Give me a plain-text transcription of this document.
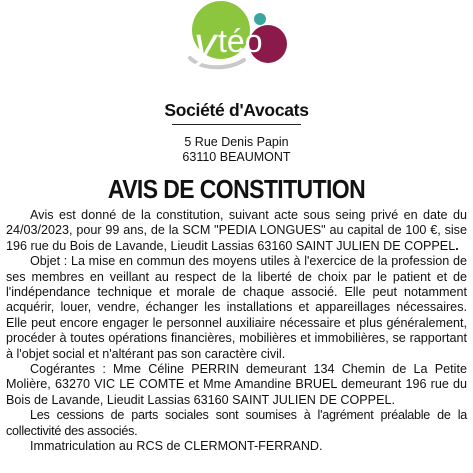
y téo
Société d'Avocats
5 Rue Denis Papin
63110 BEAUMONT
AVIS DE CONSTITUTION

Avis est donné de la constitution, suivant acte sous seing privé en date du 24/03/2023, pour 99 ans, de la SCM "PEDIA LONGUES" au capital de 100 €, sise 196 rue du Bois de Lavande, Lieudit Lassias 63160 SAINT JULIEN DE COPPEL.

Objet : La mise en commun des moyens utiles à l'exercice de la profession de ses membres en veillant au respect de la liberté de choix par le patient et de l'indépendance technique et morale de chaque associé. Elle peut notamment acquérir, louer, vendre, échanger les installations et appareillages nécessaires. Elle peut encore engager le personnel auxiliaire nécessaire et plus généralement, procéder à toutes opérations financières, mobilières et immobilières, se rapportant à l'objet social et n'altérant pas son caractère civil.

Cogérantes : Mme Céline PERRIN demeurant 134 Chemin de La Petite Molière, 63270 VIC LE COMTE et Mme Amandine BRUEL demeurant 196 rue du Bois de Lavande, Lieudit Lassias 63160 SAINT JULIEN DE COPPEL.

Les cessions de parts sociales sont soumises à l'agrément préalable de la collectivité des associés.

Immatriculation au RCS de CLERMONT-FERRAND.
